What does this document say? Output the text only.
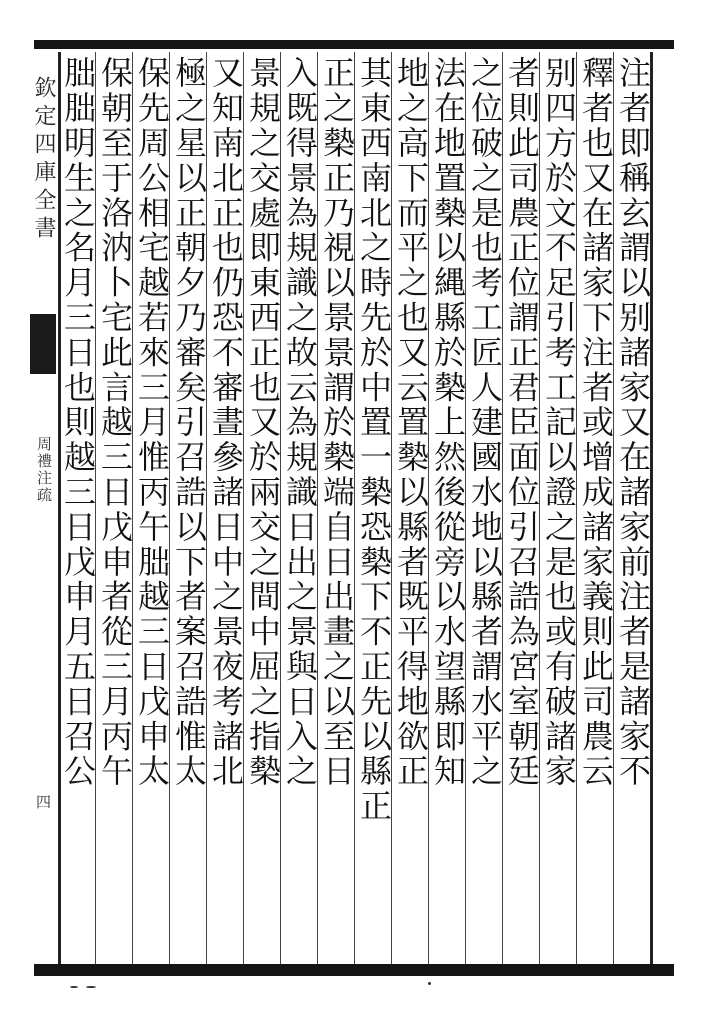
欽定四庫全書
周禮注疏
四
注者即稱玄謂以别諸家又在諸家前注者是諸家不
釋者也又在諸家下注者或增成諸家義則此司農云
别四方於文不足引考工記以證之是也或有破諸家
者則此司農正位謂正君臣面位引召誥為宮室朝廷
之位破之是也考工匠人建國水地以縣者謂水平之
法在地置槷以縄縣於槷上然後從旁以水望縣即知
地之高下而平之也又云置槷以縣者既平得地欲正
其東西南北之時先於中置一槷恐槷下不正先以縣正
正之槷正乃視以景景謂於槷端自日出畫之以至日
入既得景為規識之故云為規識日出之景與日入之
景規之交處即東西正也又於兩交之間中屈之指槷
又知南北正也仍恐不審晝參諸日中之景夜考諸北
極之星以正朝夕乃審矣引召誥以下者案召誥惟太
保先周公相宅越若來三月惟丙午朏越三日戊申太
保朝至于洛汭卜宅此言越三日戊申者從三月丙午
朏朏明生之名月三日也則越三日戊申月五日召公
